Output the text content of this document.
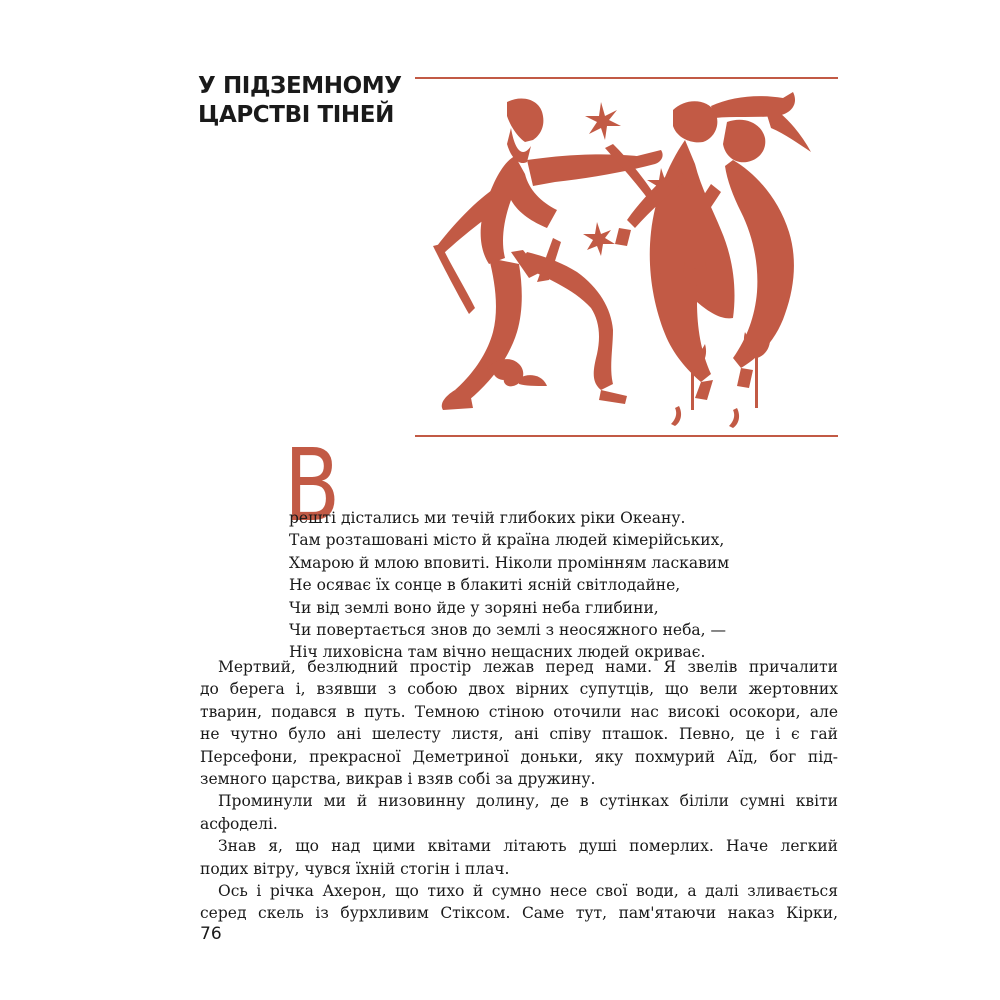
У ПІДЗЕМНОМУ
ЦАРСТВІ ТІНЕЙ
В
решті дістались ми течій глибоких ріки Океану.
Там розташовані місто й країна людей кімерійських,
Хмарою й млою вповиті. Ніколи промінням ласкавим
Не осяває їх сонце в блакиті ясній світлодайне,
Чи від землі воно йде у зоряні неба глибини,
Чи повертається знов до землі з неосяжного неба, —
Ніч лиховісна там вічно нещасних людей окриває.
Мертвий, безлюдний простір лежав перед нами. Я звелів причалити
до берега і, взявши з собою двох вірних супутців, що вели жертовних
тварин, подався в путь. Темною стіною оточили нас високі осокори, але
не чутно було ані шелесту листя, ані співу пташок. Певно, це і є гай
Персефони, прекрасної Деметриної доньки, яку похмурий Аїд, бог під-
земного царства, викрав і взяв собі за дружину.
Проминули ми й низовинну долину, де в сутінках біліли сумні квіти
асфоделі.
Знав я, що над цими квітами літають душі померлих. Наче легкий
подих вітру, чувся їхній стогін і плач.
Ось і річка Ахерон, що тихо й сумно несе свої води, а далі зливається
серед скель із бурхливим Стіксом. Саме тут, пам'ятаючи наказ Кірки,
76
